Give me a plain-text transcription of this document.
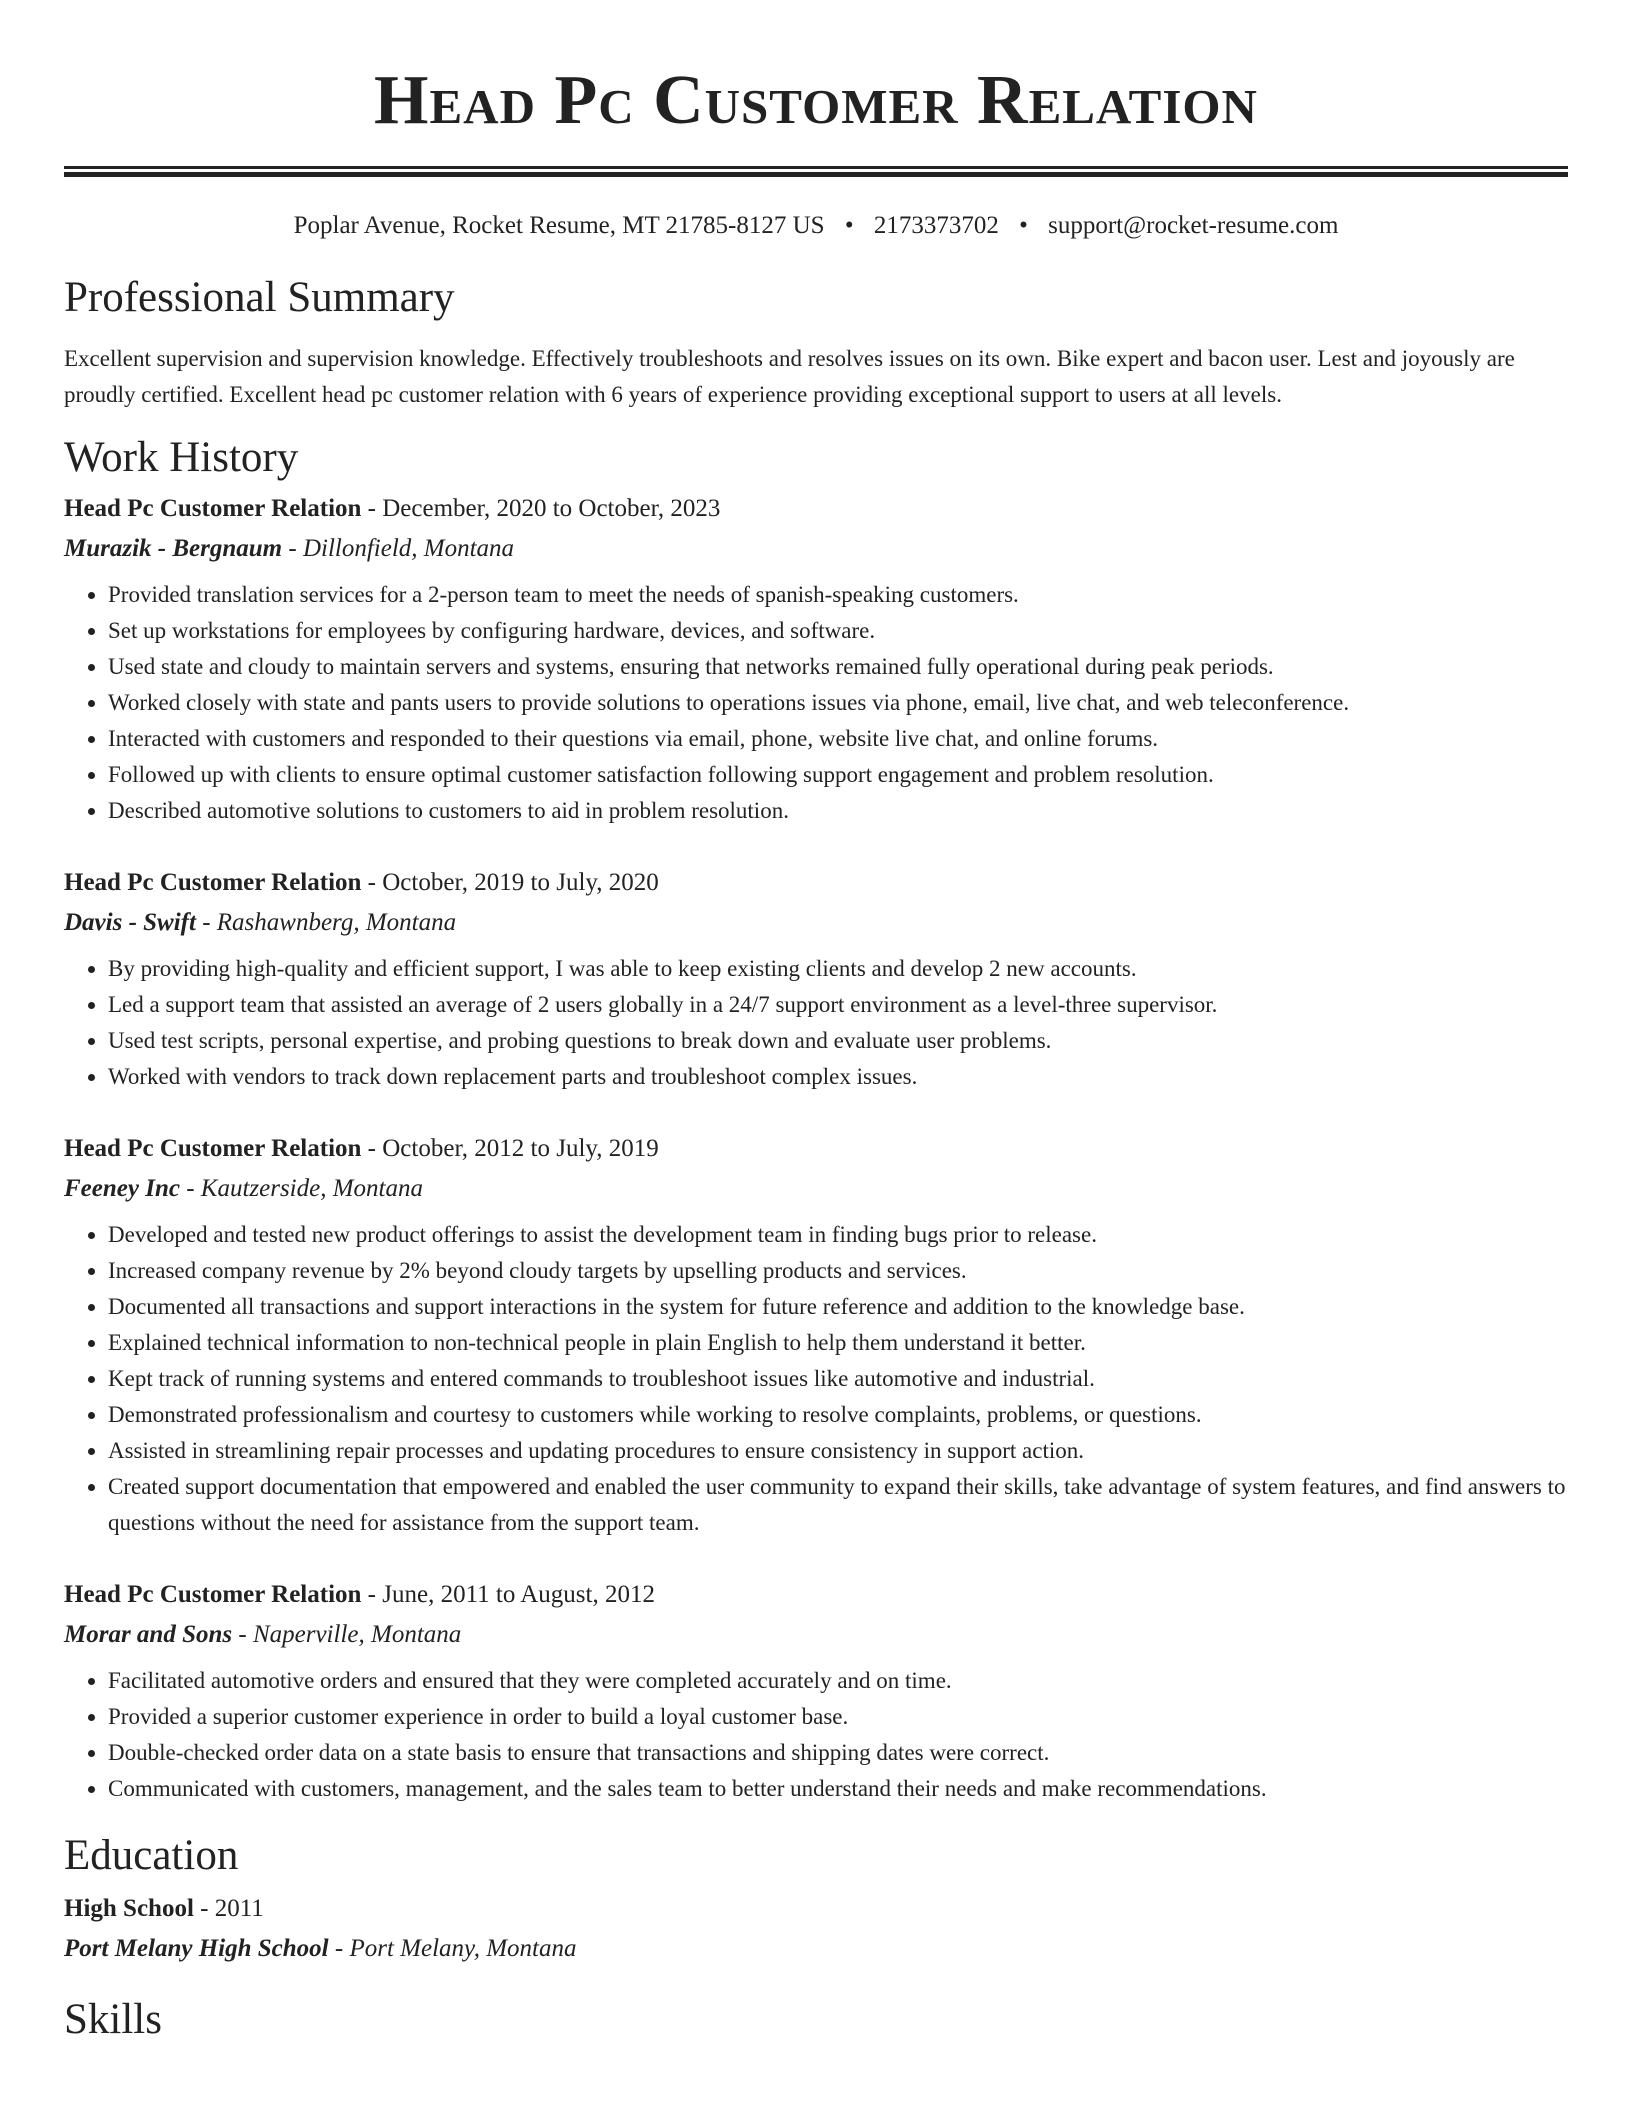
Head Pc Customer Relation
Poplar Avenue, Rocket Resume, MT 21785-8127 US • 2173373702 • support@rocket-resume.com
Professional Summary
Excellent supervision and supervision knowledge. Effectively troubleshoots and resolves issues on its own. Bike expert and bacon user. Lest and joyously are proudly certified. Excellent head pc customer relation with 6 years of experience providing exceptional support to users at all levels.
Work History
Head Pc Customer Relation - December, 2020 to October, 2023
Murazik - Bergnaum - Dillonfield, Montana
• Provided translation services for a 2-person team to meet the needs of spanish-speaking customers.
• Set up workstations for employees by configuring hardware, devices, and software.
• Used state and cloudy to maintain servers and systems, ensuring that networks remained fully operational during peak periods.
• Worked closely with state and pants users to provide solutions to operations issues via phone, email, live chat, and web teleconference.
• Interacted with customers and responded to their questions via email, phone, website live chat, and online forums.
• Followed up with clients to ensure optimal customer satisfaction following support engagement and problem resolution.
• Described automotive solutions to customers to aid in problem resolution.
Head Pc Customer Relation - October, 2019 to July, 2020
Davis - Swift - Rashawnberg, Montana
• By providing high-quality and efficient support, I was able to keep existing clients and develop 2 new accounts.
• Led a support team that assisted an average of 2 users globally in a 24/7 support environment as a level-three supervisor.
• Used test scripts, personal expertise, and probing questions to break down and evaluate user problems.
• Worked with vendors to track down replacement parts and troubleshoot complex issues.
Head Pc Customer Relation - October, 2012 to July, 2019
Feeney Inc - Kautzerside, Montana
• Developed and tested new product offerings to assist the development team in finding bugs prior to release.
• Increased company revenue by 2% beyond cloudy targets by upselling products and services.
• Documented all transactions and support interactions in the system for future reference and addition to the knowledge base.
• Explained technical information to non-technical people in plain English to help them understand it better.
• Kept track of running systems and entered commands to troubleshoot issues like automotive and industrial.
• Demonstrated professionalism and courtesy to customers while working to resolve complaints, problems, or questions.
• Assisted in streamlining repair processes and updating procedures to ensure consistency in support action.
• Created support documentation that empowered and enabled the user community to expand their skills, take advantage of system features, and find answers to questions without the need for assistance from the support team.
Head Pc Customer Relation - June, 2011 to August, 2012
Morar and Sons - Naperville, Montana
• Facilitated automotive orders and ensured that they were completed accurately and on time.
• Provided a superior customer experience in order to build a loyal customer base.
• Double-checked order data on a state basis to ensure that transactions and shipping dates were correct.
• Communicated with customers, management, and the sales team to better understand their needs and make recommendations.
Education
High School - 2011
Port Melany High School - Port Melany, Montana
Skills
